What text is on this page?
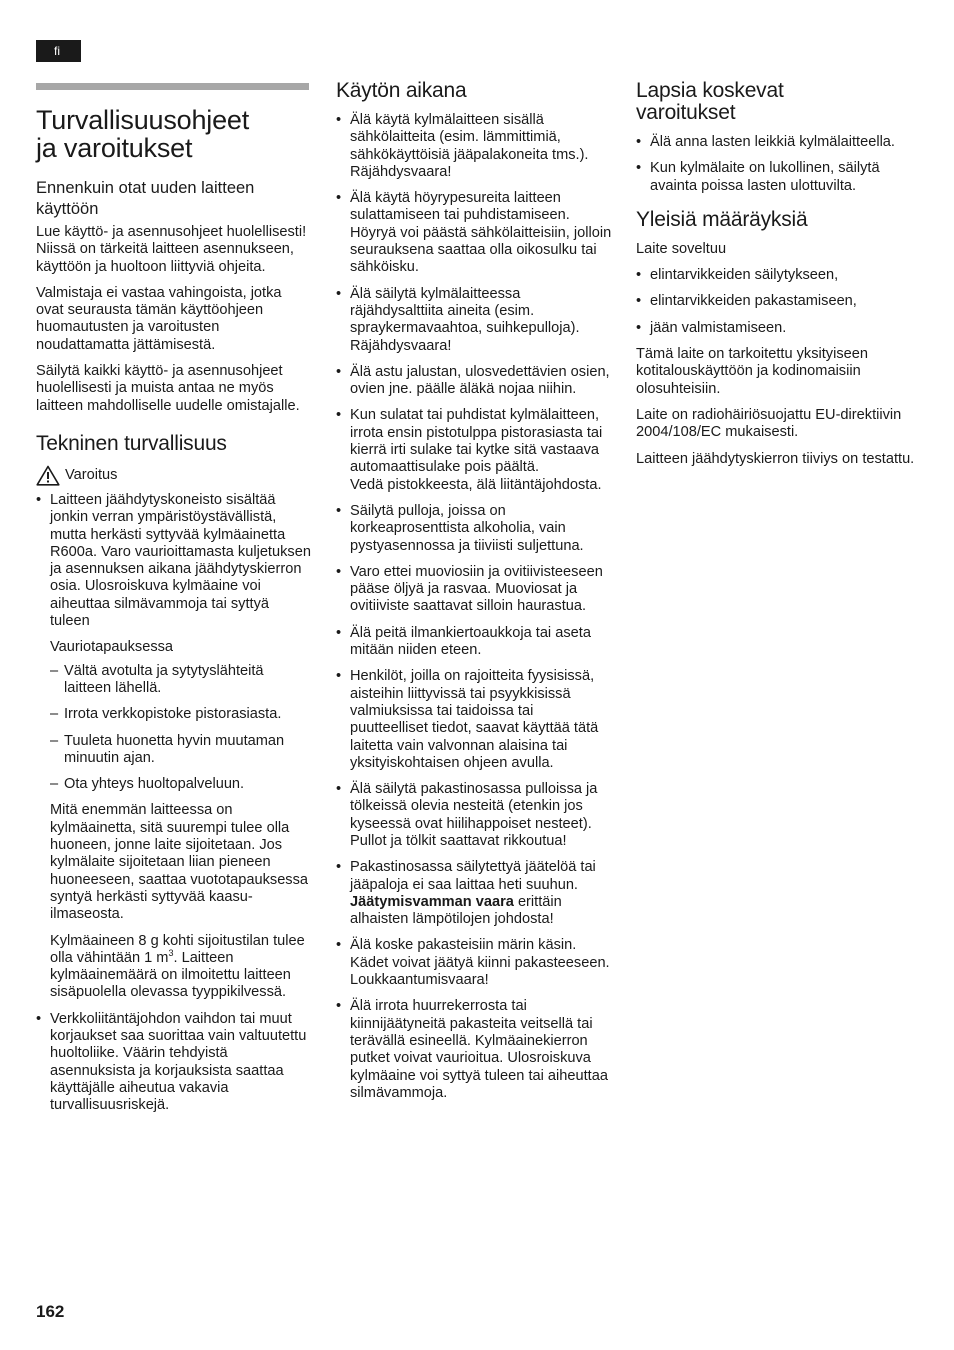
fi
Turvallisuusohjeet
ja varoitukset
Ennenkuin otat uuden laitteen käyttöön

Lue käyttö- ja asennusohjeet huolellisesti! Niissä on tärkeitä laitteen asennukseen, käyttöön ja huoltoon liittyviä ohjeita.

Valmistaja ei vastaa vahingoista, jotka ovat seurausta tämän käyttöohjeen huomautusten ja varoitusten noudattamatta jättämisestä.

Säilytä kaikki käyttö- ja asennusohjeet huolellisesti ja muista antaa ne myös laitteen mahdolliselle uudelle omistajalle.

Tekninen turvallisuus
Varoitus
• Laitteen jäähdytyskoneisto sisältää jonkin verran ympäristöystävällistä, mutta herkästi syttyvää kylmäainetta R600a. Varo vaurioittamasta kuljetuksen ja asennuksen aikana jäähdytyskierron osia. Ulosroiskuva kylmäaine voi aiheuttaa silmävammoja tai syttyä tuleen
Vauriotapauksessa
– Vältä avotulta ja sytytyslähteitä laitteen lähellä.
– Irrota verkkopistoke pistorasiasta.
– Tuuleta huonetta hyvin muutaman minuutin ajan.
– Ota yhteys huoltopalveluun.

Mitä enemmän laitteessa on kylmäainetta, sitä suurempi tulee olla huoneen, jonne laite sijoitetaan. Jos kylmälaite sijoitetaan liian pieneen huoneeseen, saattaa vuototapauksessa syntyä herkästi syttyvää kaasu-ilmaseosta.

Kylmäaineen 8 g kohti sijoitustilan tulee olla vähintään 1 $m^3$. Laitteen kylmäainemäärä on ilmoitettu laitteen sisäpuolella olevassa tyyppikilvessä.

• Verkkoliitäntäjohdon vaihdon tai muut korjaukset saa suorittaa vain valtuutettu huoltoliike. Väärin tehdyistä asennuksista ja korjauksista saattaa käyttäjälle aiheutua vakavia turvallisuusriskejä.
Käytön aikana
• Älä käytä kylmälaitteen sisällä sähkölaitteita (esim. lämmittimiä, sähkökäyttöisiä jääpalakoneita tms.). Räjähdysvaara!
• Älä käytä höyrypesureita laitteen sulattamiseen tai puhdistamiseen. Höyryä voi päästä sähkölaitteisiin, jolloin seurauksena saattaa olla oikosulku tai sähköisku.
• Älä säilytä kylmälaitteessa räjähdysalttiita aineita (esim. spraykermavaahtoa, suihkepulloja). Räjähdysvaara!
• Älä astu jalustan, ulosvedettävien osien, ovien jne. päälle äläkä nojaa niihin.
• Kun sulatat tai puhdistat kylmälaitteen, irrota ensin pistotulppa pistorasiasta tai kierrä irti sulake tai kytke sitä vastaava automaattisulake pois päältä.
Vedä pistokkeesta, älä liitäntäjohdosta.
• Säilytä pulloja, joissa on korkeaprosenttista alkoholia, vain pystyasennossa ja tiiviisti suljettuna.
• Varo ettei muoviosiin ja ovitiivisteeseen pääse öljyä ja rasvaa. Muoviosat ja ovitiiviste saattavat silloin haurastua.
• Älä peitä ilmankiertoaukkoja tai aseta mitään niiden eteen.
• Henkilöt, joilla on rajoitteita fyysisissä, aisteihin liittyvissä tai psyykkisissä valmiuksissa tai taidoissa tai puutteelliset tiedot, saavat käyttää tätä laitetta vain valvonnan alaisina tai yksityiskohtaisen ohjeen avulla.
• Älä säilytä pakastinosassa pulloissa ja tölkeissä olevia nesteitä (etenkin jos kyseessä ovat hiilihappoiset nesteet). Pullot ja tölkit saattavat rikkoutua!
• Pakastinosassa säilytettyä jäätelöä tai jääpaloja ei saa laittaa heti suuhun. Jäätymisvamman vaara erittäin alhaisten lämpötilojen johdosta!
• Älä koske pakasteisiin märin käsin. Kädet voivat jäätyä kiinni pakasteeseen. Loukkaantumisvaara!
• Älä irrota huurrekerrosta tai kiinnijäätyneitä pakasteita veitsellä tai terävällä esineellä. Kylmäainekierron putket voivat vaurioitua. Ulosroiskuva kylmäaine voi syttyä tuleen tai aiheuttaa silmävammoja.
Lapsia koskevat varoitukset
• Älä anna lasten leikkiä kylmälaitteella.
• Kun kylmälaite on lukollinen, säilytä avainta poissa lasten ulottuvilta.
Yleisiä määräyksiä

Laite soveltuu

• elintarvikkeiden säilytykseen,
• elintarvikkeiden pakastamiseen,
• jään valmistamiseen.

Tämä laite on tarkoitettu yksityiseen kotitalouskäyttöön ja kodinomaisiin olosuhteisiin.

Laite on radiohäiriösuojattu EU-direktiivin 2004/108/EC mukaisesti.

Laitteen jäähdytyskierron tiiviys on testattu.

162
